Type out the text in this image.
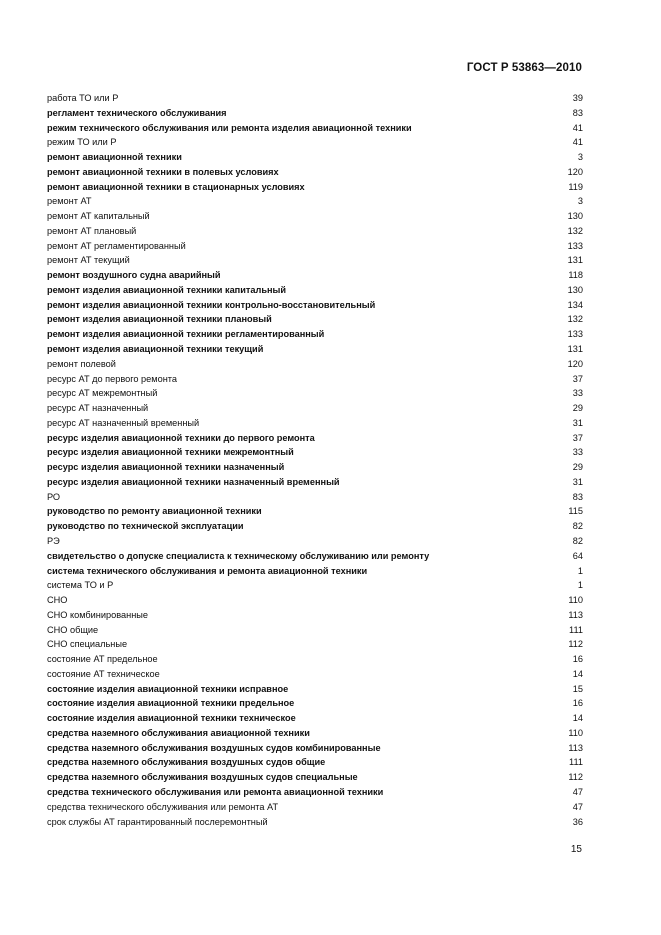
ГОСТ Р 53863—2010
работа ТО или Р	39
регламент технического обслуживания	83
режим технического обслуживания или ремонта изделия авиационной техники	41
режим ТО или Р	41
ремонт авиационной техники	3
ремонт авиационной техники в полевых условиях	120
ремонт авиационной техники в стационарных условиях	119
ремонт АТ	3
ремонт АТ капитальный	130
ремонт АТ плановый	132
ремонт АТ регламентированный	133
ремонт АТ текущий	131
ремонт воздушного судна аварийный	118
ремонт изделия авиационной техники капитальный	130
ремонт изделия авиационной техники контрольно-восстановительный	134
ремонт изделия авиационной техники плановый	132
ремонт изделия авиационной техники регламентированный	133
ремонт изделия авиационной техники текущий	131
ремонт полевой	120
ресурс АТ до первого ремонта	37
ресурс АТ межремонтный	33
ресурс АТ назначенный	29
ресурс АТ назначенный временный	31
ресурс изделия авиационной техники до первого ремонта	37
ресурс изделия авиационной техники межремонтный	33
ресурс изделия авиационной техники назначенный	29
ресурс изделия авиационной техники назначенный временный	31
РО	83
руководство по ремонту авиационной техники	115
руководство по технической эксплуатации	82
РЭ	82
свидетельство о допуске специалиста к техническому обслуживанию или ремонту	64
система технического обслуживания и ремонта авиационной техники	1
система ТО и Р	1
СНО	110
СНО комбинированные	113
СНО общие	111
СНО специальные	112
состояние АТ предельное	16
состояние АТ техническое	14
состояние изделия авиационной техники исправное	15
состояние изделия авиационной техники предельное	16
состояние изделия авиационной техники техническое	14
средства наземного обслуживания авиационной техники	110
средства наземного обслуживания воздушных судов комбинированные	113
средства наземного обслуживания воздушных судов общие	111
средства наземного обслуживания воздушных судов специальные	112
средства технического обслуживания или ремонта авиационной техники	47
средства технического обслуживания или ремонта АТ	47
срок службы АТ гарантированный послеремонтный	36
15
